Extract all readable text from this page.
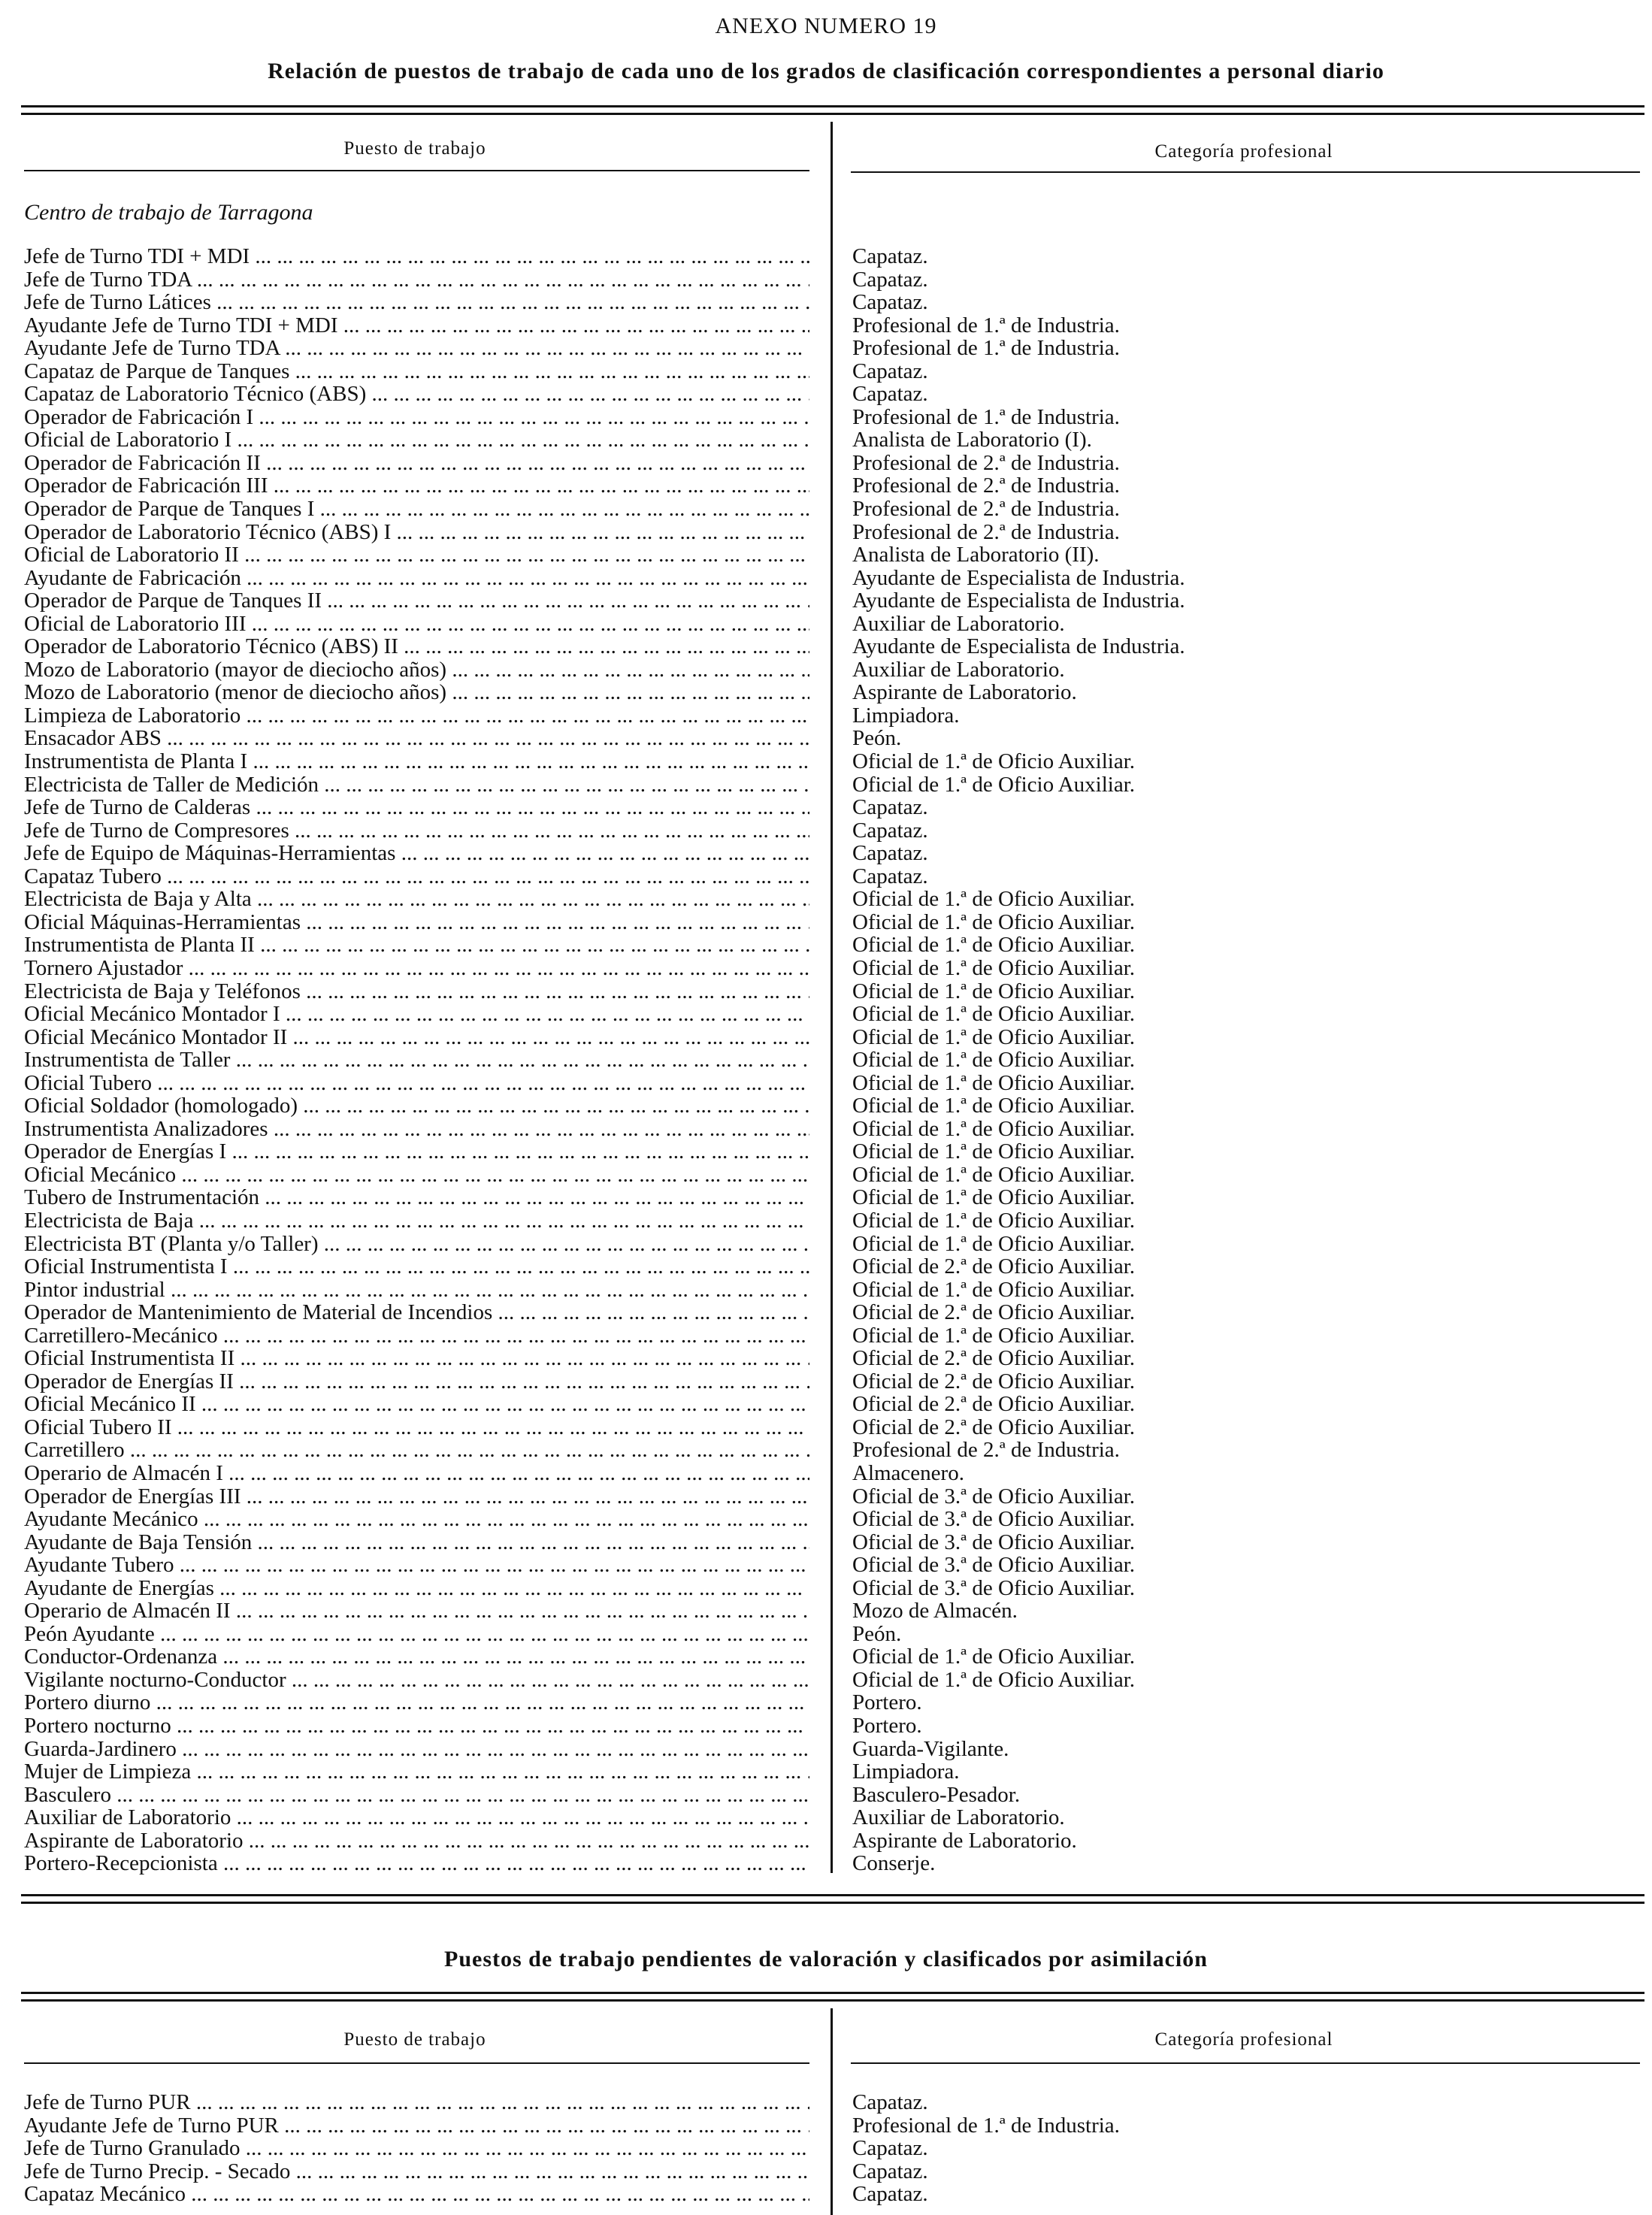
ANEXO NUMERO 19
Relación de puestos de trabajo de cada uno de los grados de clasificación correspondientes a personal diario
Puesto de trabajo	Categoría profesional
Centro de trabajo de Tarragona
Jefe de Turno TDI + MDI ... .	Capataz.
Jefe de Turno TDA ... .	Capataz.
Jefe de Turno Látices ... .	Capataz.
Ayudante Jefe de Turno TDI + MDI ... .	Profesional de 1.ª de Industria.
Ayudante Jefe de Turno TDA ... .	Profesional de 1.ª de Industria.
Capataz de Parque de Tanques ... .	Capataz.
Capataz de Laboratorio Técnico (ABS) ... .	Capataz.
Operador de Fabricación I ... .	Profesional de 1.ª de Industria.
Oficial de Laboratorio I ... .	Analista de Laboratorio (I).
Operador de Fabricación II ... .	Profesional de 2.ª de Industria.
Operador de Fabricación III ... .	Profesional de 2.ª de Industria.
Operador de Parque de Tanques I ... .	Profesional de 2.ª de Industria.
Operador de Laboratorio Técnico (ABS) I ... .	Profesional de 2.ª de Industria.
Oficial de Laboratorio II ... .	Analista de Laboratorio (II).
Ayudante de Fabricación ... .	Ayudante de Especialista de Industria.
Operador de Parque de Tanques II ... .	Ayudante de Especialista de Industria.
Oficial de Laboratorio III ... .	Auxiliar de Laboratorio.
Operador de Laboratorio Técnico (ABS) II ... .	Ayudante de Especialista de Industria.
Mozo de Laboratorio (mayor de dieciocho años) ... .	Auxiliar de Laboratorio.
Mozo de Laboratorio (menor de dieciocho años) ... .	Aspirante de Laboratorio.
Limpieza de Laboratorio ... .	Limpiadora.
Ensacador ABS ... .	Peón.
Instrumentista de Planta I ... .	Oficial de 1.ª de Oficio Auxiliar.
Electricista de Taller de Medición ... .	Oficial de 1.ª de Oficio Auxiliar.
Jefe de Turno de Calderas ... .	Capataz.
Jefe de Turno de Compresores ... .	Capataz.
Jefe de Equipo de Máquinas-Herramientas ... .	Capataz.
Capataz Tubero ... .	Capataz.
Electricista de Baja y Alta ... .	Oficial de 1.ª de Oficio Auxiliar.
Oficial Máquinas-Herramientas ... .	Oficial de 1.ª de Oficio Auxiliar.
Instrumentista de Planta II ... .	Oficial de 1.ª de Oficio Auxiliar.
Tornero Ajustador ... .	Oficial de 1.ª de Oficio Auxiliar.
Electricista de Baja y Teléfonos ... .	Oficial de 1.ª de Oficio Auxiliar.
Oficial Mecánico Montador I ... .	Oficial de 1.ª de Oficio Auxiliar.
Oficial Mecánico Montador II ... .	Oficial de 1.ª de Oficio Auxiliar.
Instrumentista de Taller ... .	Oficial de 1.ª de Oficio Auxiliar.
Oficial Tubero ... .	Oficial de 1.ª de Oficio Auxiliar.
Oficial Soldador (homologado) ... .	Oficial de 1.ª de Oficio Auxiliar.
Instrumentista Analizadores ... .	Oficial de 1.ª de Oficio Auxiliar.
Operador de Energías I ... .	Oficial de 1.ª de Oficio Auxiliar.
Oficial Mecánico ... .	Oficial de 1.ª de Oficio Auxiliar.
Tubero de Instrumentación ... .	Oficial de 1.ª de Oficio Auxiliar.
Electricista de Baja ... .	Oficial de 1.ª de Oficio Auxiliar.
Electricista BT (Planta y/o Taller) ... .	Oficial de 1.ª de Oficio Auxiliar.
Oficial Instrumentista I ... .	Oficial de 2.ª de Oficio Auxiliar.
Pintor industrial ... .	Oficial de 1.ª de Oficio Auxiliar.
Operador de Mantenimiento de Material de Incendios ... .	Oficial de 2.ª de Oficio Auxiliar.
Carretillero-Mecánico ... .	Oficial de 1.ª de Oficio Auxiliar.
Oficial Instrumentista II ... .	Oficial de 2.ª de Oficio Auxiliar.
Operador de Energías II ... .	Oficial de 2.ª de Oficio Auxiliar.
Oficial Mecánico II ... .	Oficial de 2.ª de Oficio Auxiliar.
Oficial Tubero II ... .	Oficial de 2.ª de Oficio Auxiliar.
Carretillero ... .	Profesional de 2.ª de Industria.
Operario de Almacén I ... .	Almacenero.
Operador de Energías III ... .	Oficial de 3.ª de Oficio Auxiliar.
Ayudante Mecánico ... .	Oficial de 3.ª de Oficio Auxiliar.
Ayudante de Baja Tensión ... .	Oficial de 3.ª de Oficio Auxiliar.
Ayudante Tubero ... .	Oficial de 3.ª de Oficio Auxiliar.
Ayudante de Energías ... .	Oficial de 3.ª de Oficio Auxiliar.
Operario de Almacén II ... .	Mozo de Almacén.
Peón Ayudante ... .	Peón.
Conductor-Ordenanza ... .	Oficial de 1.ª de Oficio Auxiliar.
Vigilante nocturno-Conductor ... .	Oficial de 1.ª de Oficio Auxiliar.
Portero diurno ... .	Portero.
Portero nocturno ... .	Portero.
Guarda-Jardinero ... .	Guarda-Vigilante.
Mujer de Limpieza ... .	Limpiadora.
Basculero ... .	Basculero-Pesador.
Auxiliar de Laboratorio ... .	Auxiliar de Laboratorio.
Aspirante de Laboratorio ... .	Aspirante de Laboratorio.
Portero-Recepcionista ... .	Conserje.
Puestos de trabajo pendientes de valoración y clasificados por asimilación
Puesto de trabajo	Categoría profesional
Jefe de Turno PUR ... .	Capataz.
Ayudante Jefe de Turno PUR ... .	Profesional de 1.ª de Industria.
Jefe de Turno Granulado ... .	Capataz.
Jefe de Turno Precip. - Secado ... .	Capataz.
Capataz Mecánico ... .	Capataz.
